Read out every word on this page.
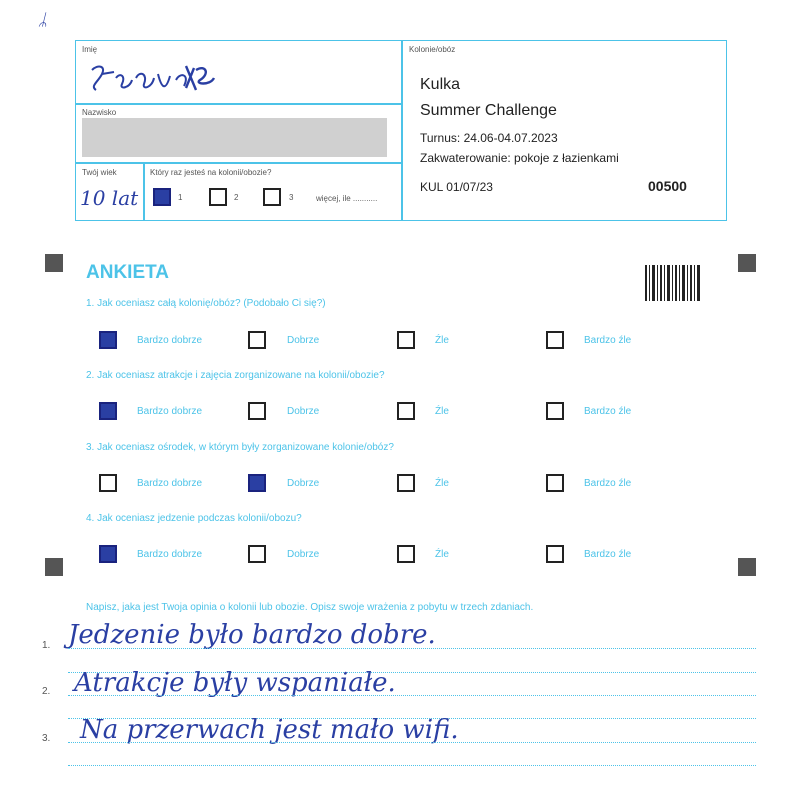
ᛦ
Imię
Nazwisko
Twój wiek
10 lat
Który raz jesteś na kolonii/obozie?
1	2	3	więcej, ile ...........
Kolonie/obóz
Kulka
Summer Challenge
Turnus: 24.06-04.07.2023
Zakwaterowanie: pokoje z łazienkami
KUL 01/07/23	00500
ANKIETA
1. Jak oceniasz całą kolonię/obóz? (Podobało Ci się?)
Bardzo dobrze	Dobrze	Źle	Bardzo źle
2. Jak oceniasz atrakcje i zajęcia zorganizowane na kolonii/obozie?
Bardzo dobrze	Dobrze	Źle	Bardzo źle
3. Jak oceniasz ośrodek, w którym były zorganizowane kolonie/obóz?
Bardzo dobrze	Dobrze	Źle	Bardzo źle
4. Jak oceniasz jedzenie podczas kolonii/obozu?
Bardzo dobrze	Dobrze	Źle	Bardzo źle
Napisz, jaka jest Twoja opinia o kolonii lub obozie. Opisz swoje wrażenia z pobytu w trzech zdaniach.
1. Jedzenie było bardzo dobre.
2. Atrakcje były wspaniałe.
3. Na przerwach jest mało wifi.
